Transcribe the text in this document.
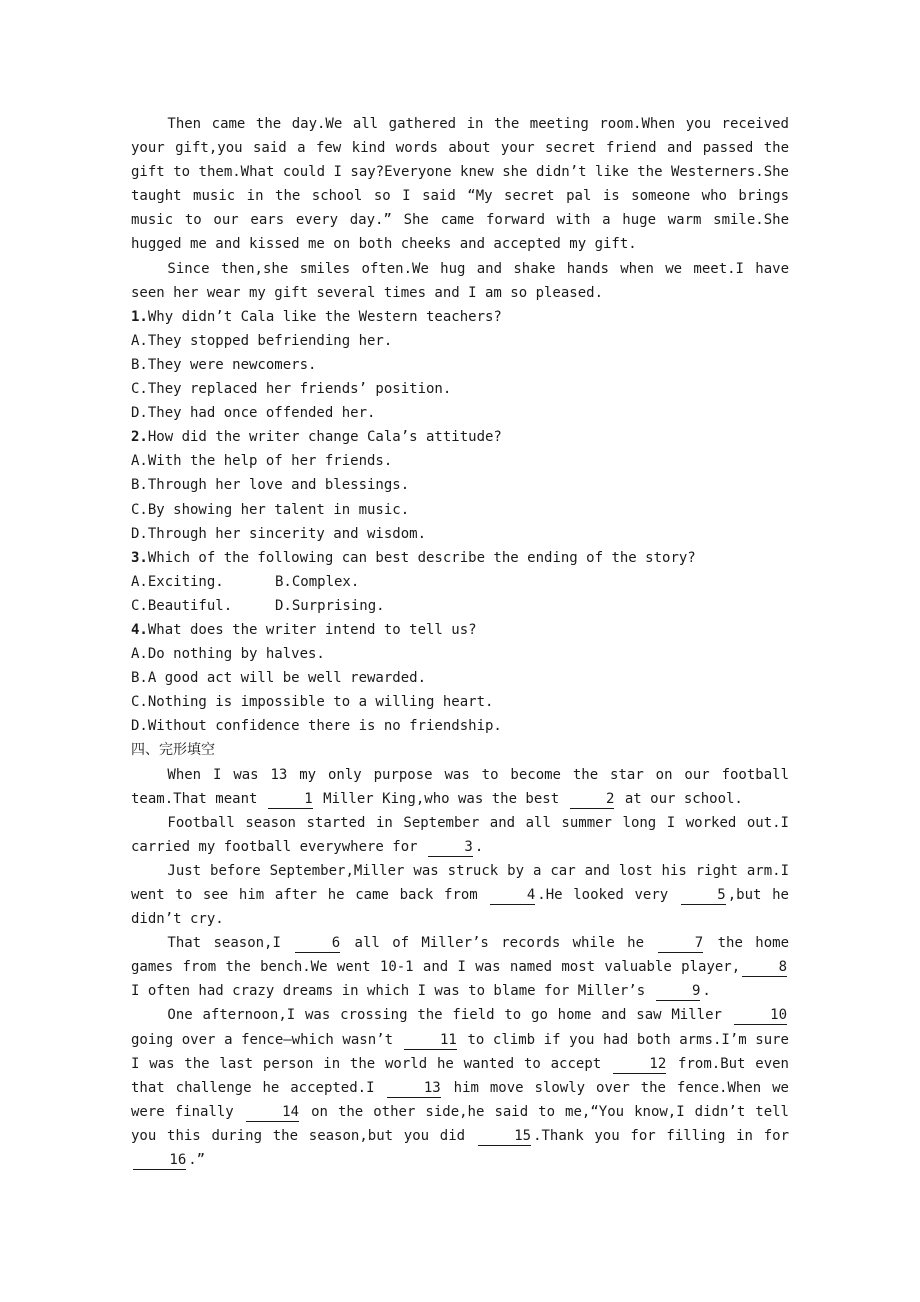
Then came the day.We all gathered in the meeting room.When you received your gift,you said a few kind words about your secret friend and passed the gift to them.What could I say?Everyone knew she didn’t like the Westerners.She taught music in the school so I said “My secret pal is someone who brings music to our ears every day.” She came forward with a huge warm smile.She hugged me and kissed me on both cheeks and accepted my gift.

Since then,she smiles often.We hug and shake hands when we meet.I have seen her wear my gift several times and I am so pleased.

1.Why didn’t Cala like the Western teachers?

A.They stopped befriending her.

B.They were newcomers.

C.They replaced her friends’ position.

D.They had once offended her.

2.How did the writer change Cala’s attitude?

A.With the help of her friends.

B.Through her love and blessings.

C.By showing her talent in music.

D.Through her sincerity and wisdom.

3.Which of the following can best describe the ending of the story?

A.Exciting.	B.Complex.

C.Beautiful.	D.Surprising.

4.What does the writer intend to tell us?

A.Do nothing by halves.

B.A good act will be well rewarded.

C.Nothing is impossible to a willing heart.

D.Without confidence there is no friendship.

四、完形填空

When I was 13 my only purpose was to become the star on our football team.That meant	1 Miller King,who was the best	2 at our school.

Football season started in September and all summer long I worked out.I carried my football everywhere for	3 .

Just before September,Miller was struck by a car and lost his right arm.I went to see him after he came back from	4 .He looked very	5 ,but he didn’t cry.

That season,I	6 all of Miller’s records while he	7 the home games from the bench.We went 10-1 and I was named most valuable player,	8 I often had crazy dreams in which I was to blame for Miller’s	9 .

One afternoon,I was crossing the field to go home and saw Miller	10 going over a fence—which wasn’t	11 to climb if you had both arms.I’m sure I was the last person in the world he wanted to accept	12 from.But even that challenge he accepted.I	13 him move slowly over the fence.When we were finally	14 on the other side,he said to me,“You know,I didn’t tell you this during the season,but you did	15 .Thank you for filling in for 16 .”
